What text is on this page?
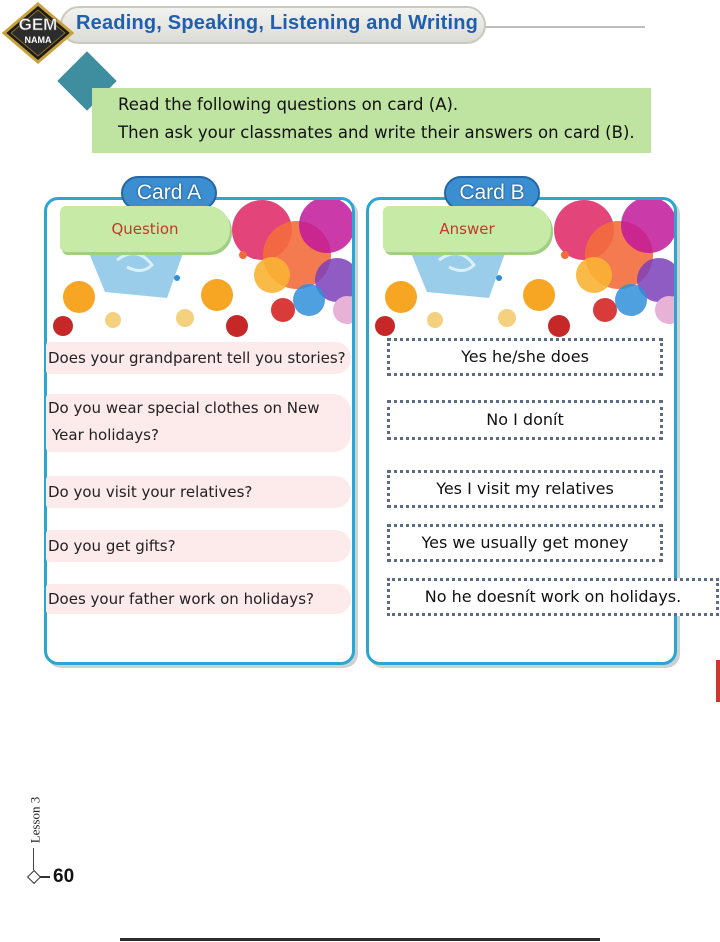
Reading, Speaking, Listening and Writing
GEM
NAMA
Read the following questions on card (A).
Then ask your classmates and write their answers on card (B).
Card A
Question
Does your grandparent tell you stories?
Do you wear special clothes on New
Year holidays?
Do you visit your relatives?
Do you get gifts?
Does your father work on holidays?
Card B
Answer
Yes he/she does
No I donít
Yes I visit my relatives
Yes we usually get money
No he doesnít work on holidays.
Lesson 3
60
